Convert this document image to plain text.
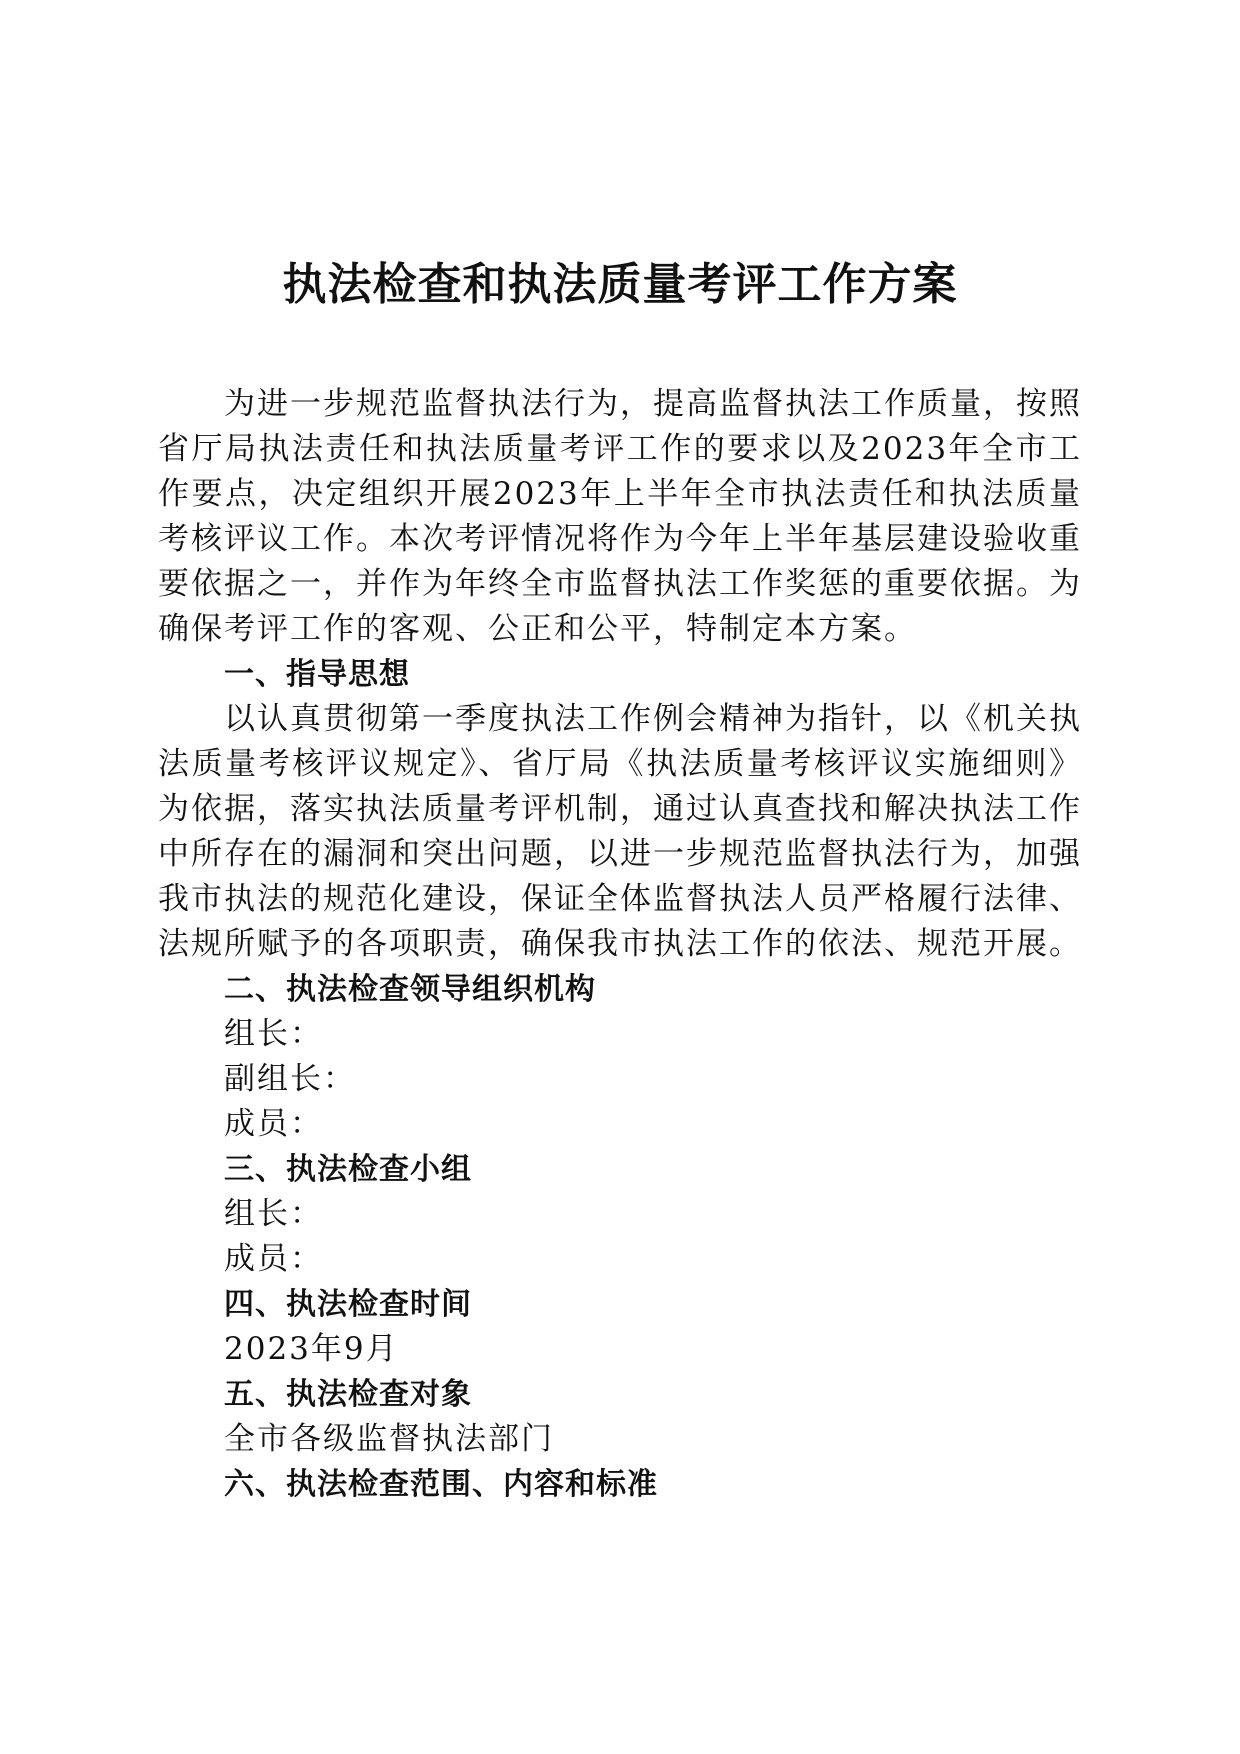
执法检查和执法质量考评工作方案

为进一步规范监督执法行为，提高监督执法工作质量，按照省厅局执法责任和执法质量考评工作的要求以及2023年全市工作要点，决定组织开展2023年上半年全市执法责任和执法质量考核评议工作。本次考评情况将作为今年上半年基层建设验收重要依据之一，并作为年终全市监督执法工作奖惩的重要依据。为确保考评工作的客观、公正和公平，特制定本方案。

一、指导思想

以认真贯彻第一季度执法工作例会精神为指针，以《机关执法质量考核评议规定》、省厅局《执法质量考核评议实施细则》为依据，落实执法质量考评机制，通过认真查找和解决执法工作中所存在的漏洞和突出问题，以进一步规范监督执法行为，加强我市执法的规范化建设，保证全体监督执法人员严格履行法律、法规所赋予的各项职责，确保我市执法工作的依法、规范开展。

二、执法检查领导组织机构

组长：

副组长：

成员：

三、执法检查小组

组长：

成员：

四、执法检查时间

2023年9月

五、执法检查对象

全市各级监督执法部门

六、执法检查范围、内容和标准
